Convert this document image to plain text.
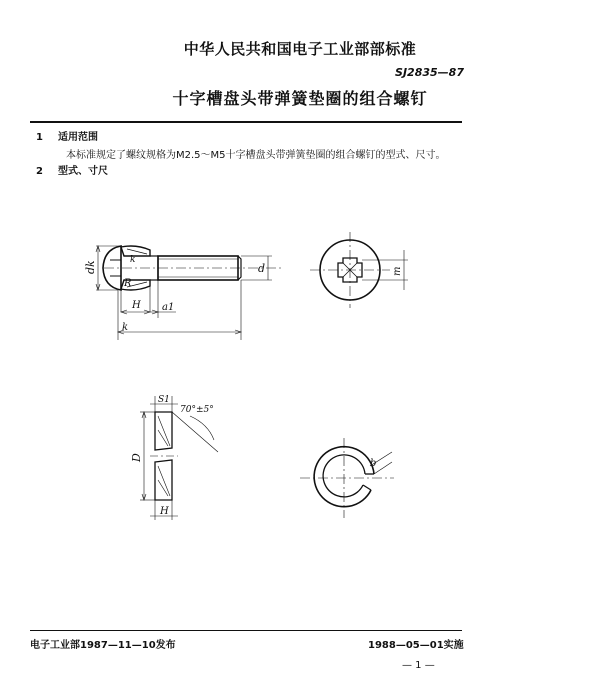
中华人民共和国电子工业部部标准
SJ2835—87
十字槽盘头带弹簧垫圈的组合螺钉
1 适用范围
本标准规定了螺纹规格为M2.5～M5十字槽盘头带弹簧垫圈的组合螺钉的型式、尺寸。
2 型式、寸尺
dk
k
R
H a1
k
d	m
S1
70°±5°
D
H
b
电子工业部1987—11—10发布	1988—05—01实施
— 1 —
